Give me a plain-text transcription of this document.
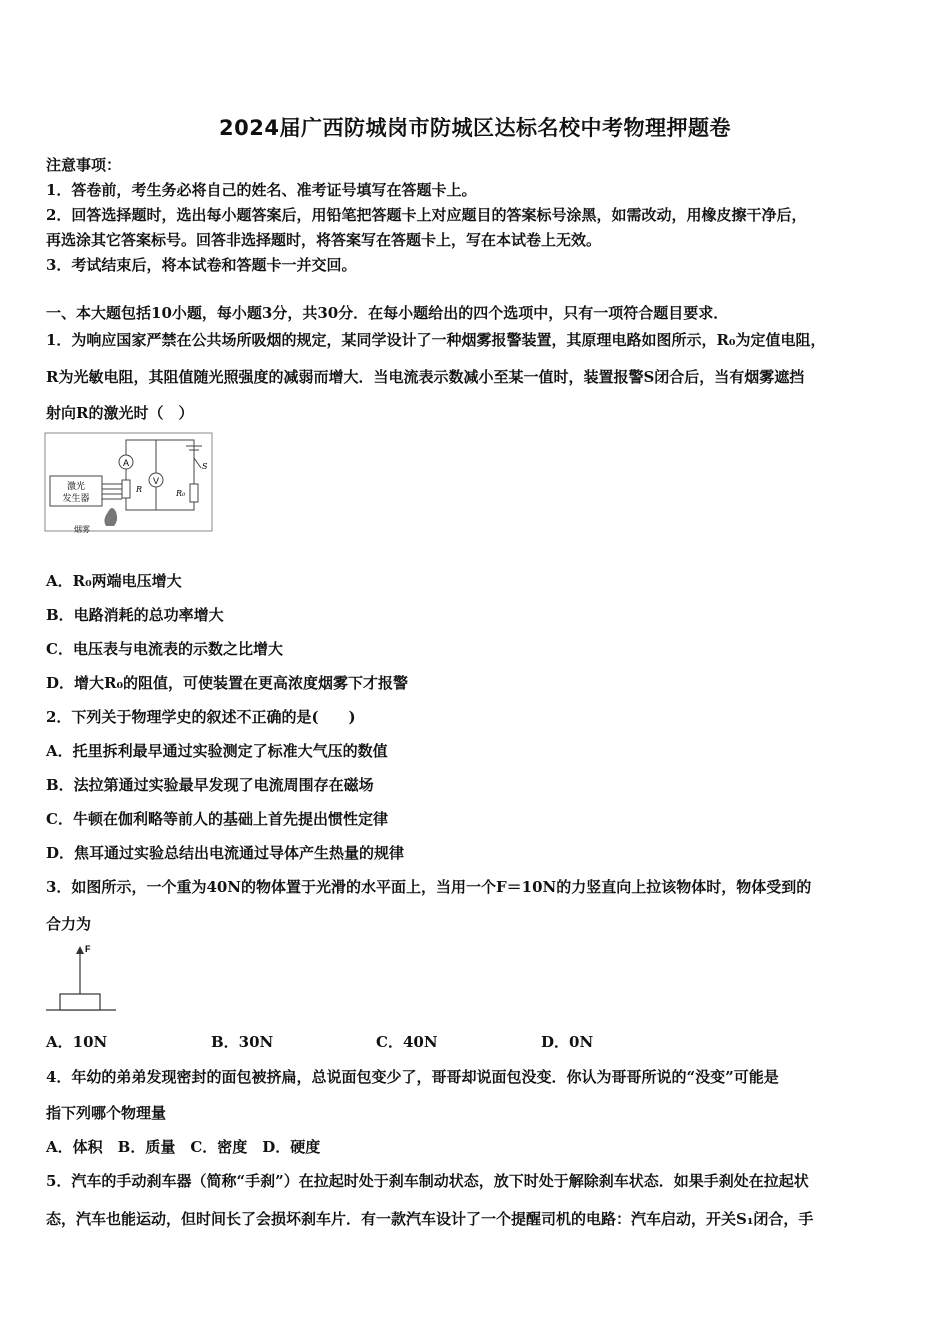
2024届广西防城岗市防城区达标名校中考物理押题卷
注意事项：
1．答卷前，考生务必将自己的姓名、准考证号填写在答题卡上。
2．回答选择题时，选出每小题答案后，用铅笔把答题卡上对应题目的答案标号涂黑，如需改动，用橡皮擦干净后，
再选涂其它答案标号。回答非选择题时，将答案写在答题卡上，写在本试卷上无效。
3．考试结束后，将本试卷和答题卡一并交回。
一、本大题包括10小题，每小题3分，共30分．在每小题给出的四个选项中，只有一项符合题目要求．
1．为响应国家严禁在公共场所吸烟的规定，某同学设计了一种烟雾报警装置，其原理电路如图所示，R₀为定值电阻，
R为光敏电阻，其阻值随光照强度的减弱而增大．当电流表示数减小至某一值时，装置报警S闭合后，当有烟雾遮挡
射向R的激光时（　）
A
V
R	R₀
S
激光
发生器
烟雾
A．R₀两端电压增大
B．电路消耗的总功率增大
C．电压表与电流表的示数之比增大
D．增大R₀的阻值，可使装置在更高浓度烟雾下才报警
2．下列关于物理学史的叙述不正确的是(　　)
A．托里拆利最早通过实验测定了标准大气压的数值
B．法拉第通过实验最早发现了电流周围存在磁场
C．牛顿在伽利略等前人的基础上首先提出惯性定律
D．焦耳通过实验总结出电流通过导体产生热量的规律
3．如图所示，一个重为40N的物体置于光滑的水平面上，当用一个F＝10N的力竖直向上拉该物体时，物体受到的
合力为
F
A．10N	B．30N	C．40N	D．0N
4．年幼的弟弟发现密封的面包被挤扁，总说面包变少了，哥哥却说面包没变．你认为哥哥所说的“没变”可能是
指下列哪个物理量
A．体积　B．质量　C．密度　D．硬度
5．汽车的手动刹车器（简称“手刹”）在拉起时处于刹车制动状态，放下时处于解除刹车状态．如果手刹处在拉起状
态，汽车也能运动，但时间长了会损坏刹车片．有一款汽车设计了一个提醒司机的电路：汽车启动，开关S₁闭合，手
